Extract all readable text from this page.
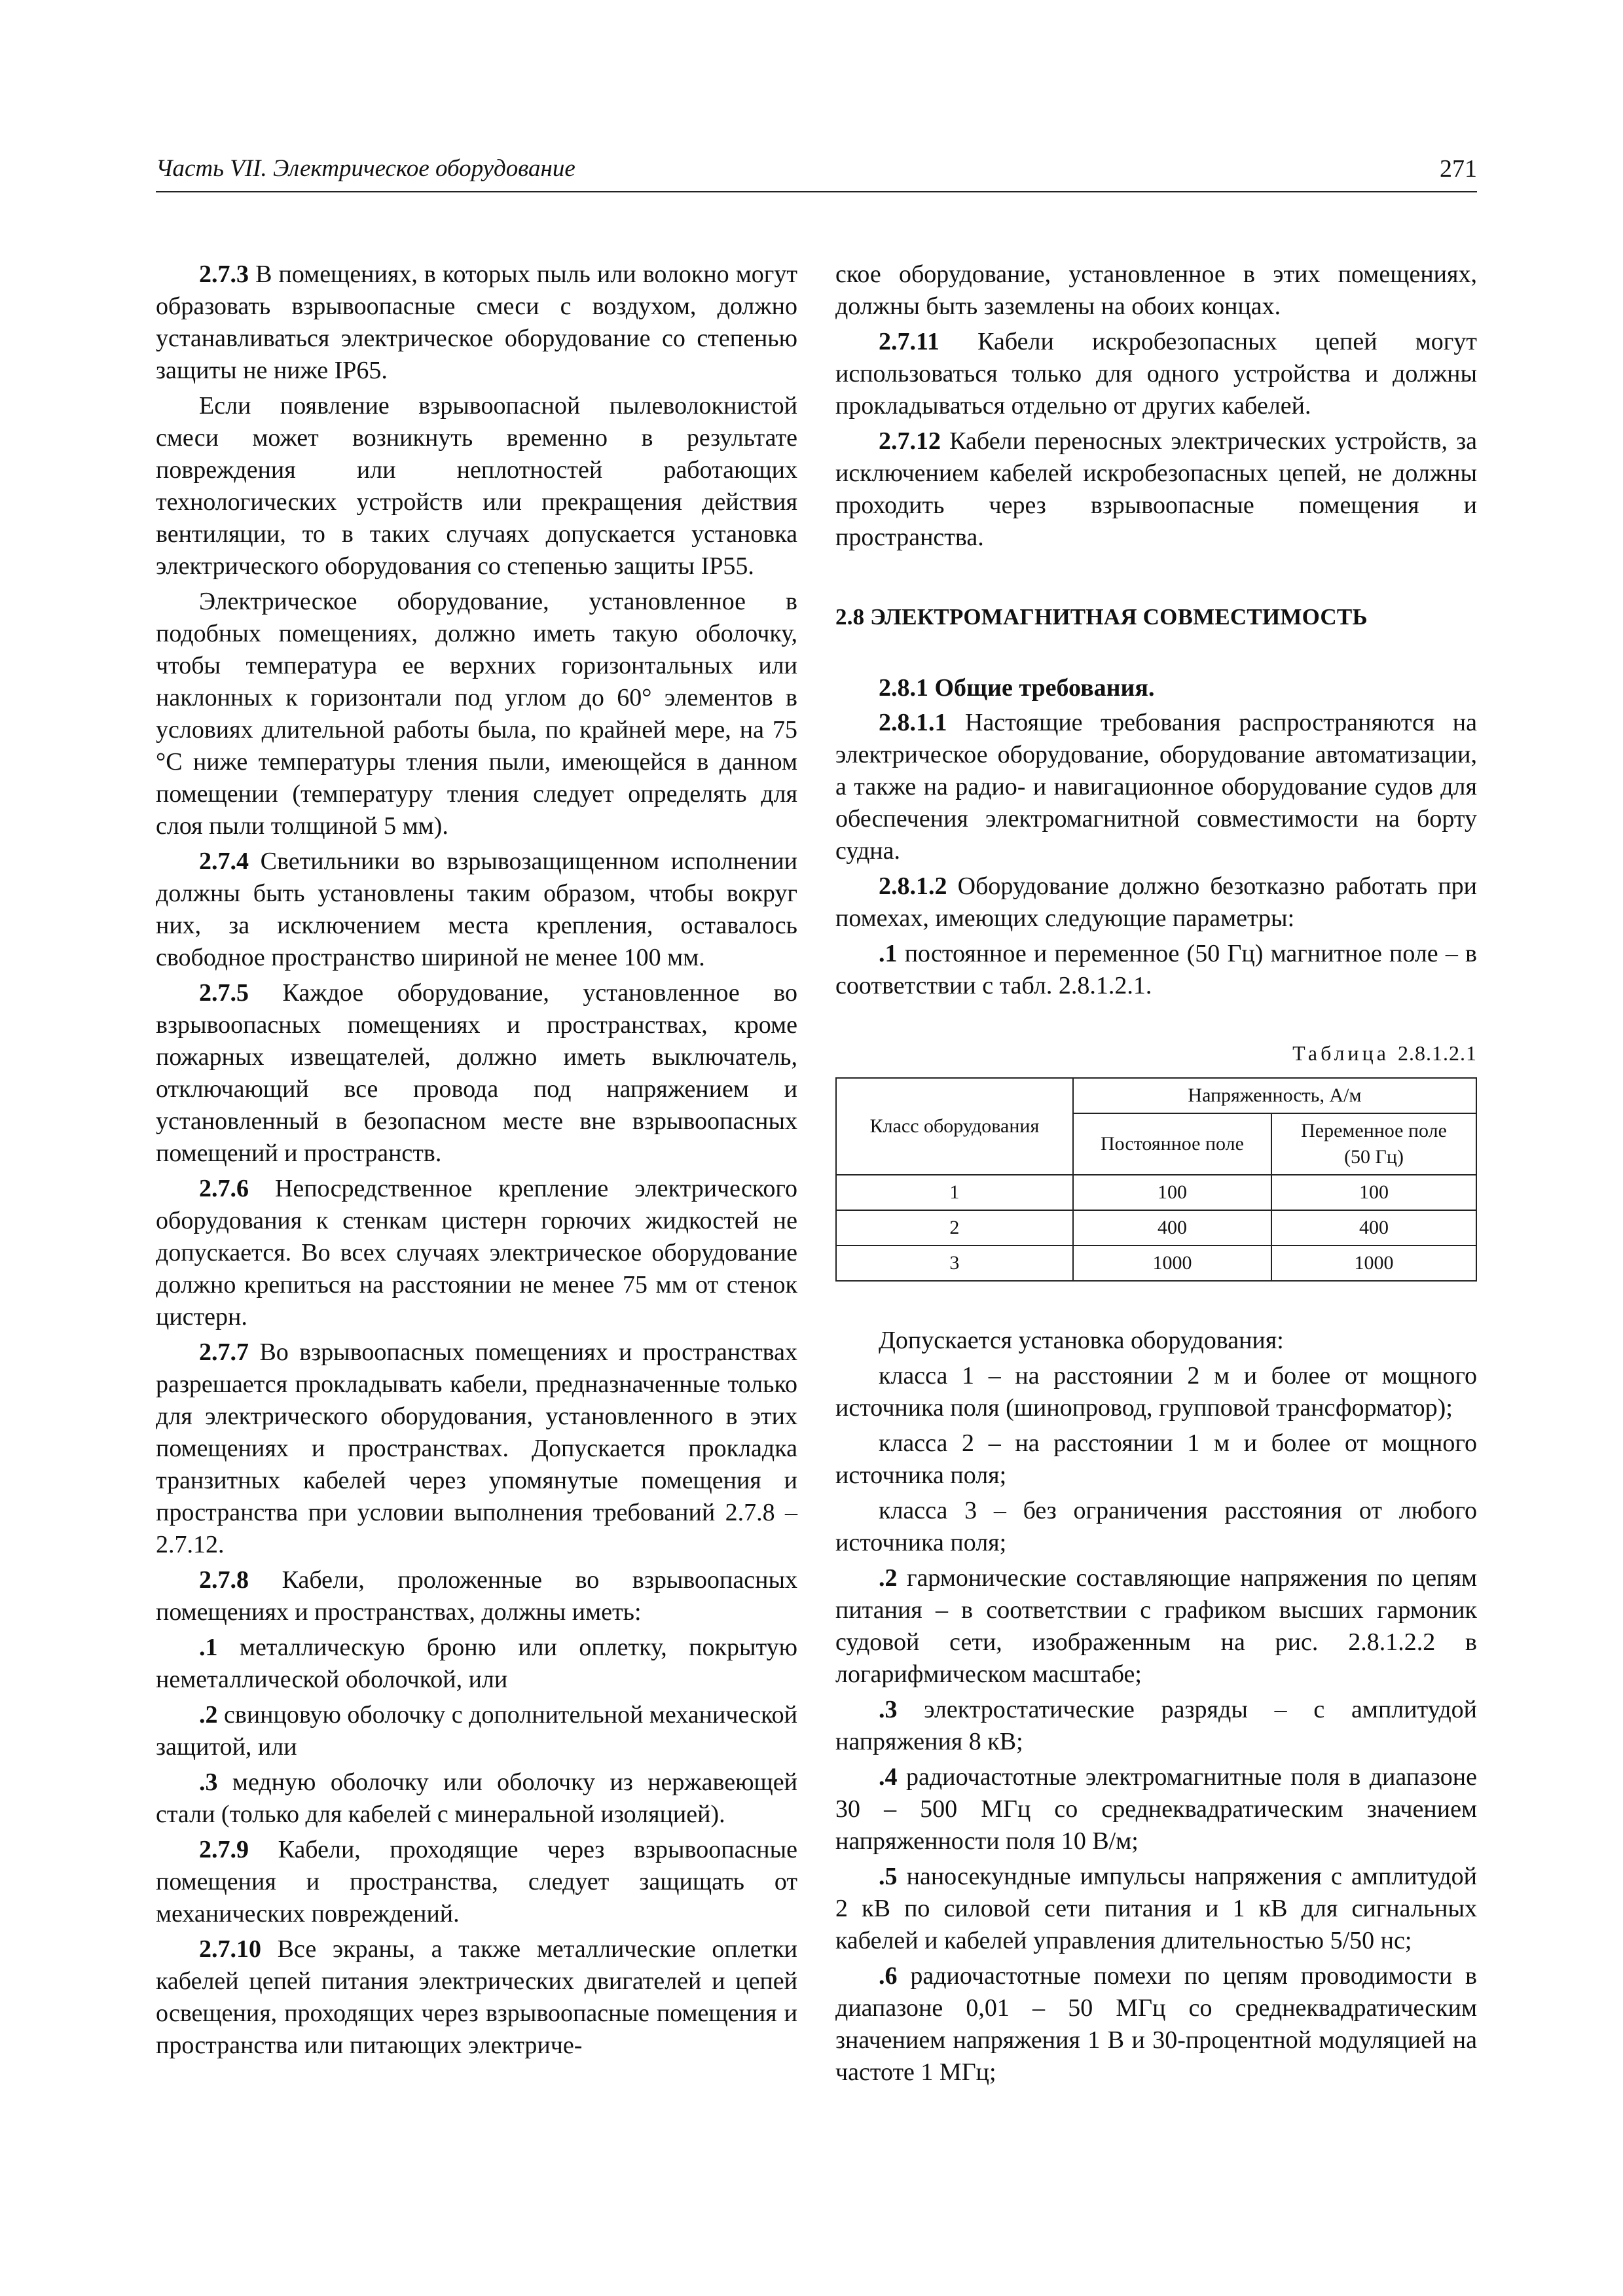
Часть VII. Электрическое оборудование	271

2.7.3 В помещениях, в которых пыль или волокно могут образовать взрывоопасные смеси с воздухом, должно устанавливаться электрическое оборудование со степенью защиты не ниже IP65.

Если появление взрывоопасной пылеволокнистой смеси может возникнуть временно в результате повреждения или неплотностей работающих технологических устройств или прекращения действия вентиляции, то в таких случаях допускается установка электрического оборудования со степенью защиты IP55.

Электрическое оборудование, установленное в подобных помещениях, должно иметь такую оболочку, чтобы температура ее верхних горизонтальных или наклонных к горизонтали под углом до 60° элементов в условиях длительной работы была, по крайней мере, на 75 °C ниже температуры тления пыли, имеющейся в данном помещении (температуру тления следует определять для слоя пыли толщиной 5 мм).

2.7.4 Светильники во взрывозащищенном исполнении должны быть установлены таким образом, чтобы вокруг них, за исключением места крепления, оставалось свободное пространство шириной не менее 100 мм.

2.7.5 Каждое оборудование, установленное во взрывоопасных помещениях и пространствах, кроме пожарных извещателей, должно иметь выключатель, отключающий все провода под напряжением и установленный в безопасном месте вне взрывоопасных помещений и пространств.

2.7.6 Непосредственное крепление электрического оборудования к стенкам цистерн горючих жидкостей не допускается. Во всех случаях электрическое оборудование должно крепиться на расстоянии не менее 75 мм от стенок цистерн.

2.7.7 Во взрывоопасных помещениях и пространствах разрешается прокладывать кабели, предназначенные только для электрического оборудования, установленного в этих помещениях и пространствах. Допускается прокладка транзитных кабелей через упомянутые помещения и пространства при условии выполнения требований 2.7.8 – 2.7.12.

2.7.8 Кабели, проложенные во взрывоопасных помещениях и пространствах, должны иметь:

.1 металлическую броню или оплетку, покрытую неметаллической оболочкой, или

.2 свинцовую оболочку с дополнительной механической защитой, или

.3 медную оболочку или оболочку из нержавеющей стали (только для кабелей с минеральной изоляцией).

2.7.9 Кабели, проходящие через взрывоопасные помещения и пространства, следует защищать от механических повреждений.

2.7.10 Все экраны, а также металлические оплетки кабелей цепей питания электрических двигателей и цепей освещения, проходящих через взрывоопасные помещения и пространства или питающих электриче-

ское оборудование, установленное в этих помещениях, должны быть заземлены на обоих концах.

2.7.11 Кабели искробезопасных цепей могут использоваться только для одного устройства и должны прокладываться отдельно от других кабелей.

2.7.12 Кабели переносных электрических устройств, за исключением кабелей искробезопасных цепей, не должны проходить через взрывоопасные помещения и пространства.

2.8 ЭЛЕКТРОМАГНИТНАЯ СОВМЕСТИМОСТЬ

2.8.1 Общие требования.

2.8.1.1 Настоящие требования распространяются на электрическое оборудование, оборудование автоматизации, а также на радио- и навигационное оборудование судов для обеспечения электромагнитной совместимости на борту судна.

2.8.1.2 Оборудование должно безотказно работать при помехах, имеющих следующие параметры:

.1 постоянное и переменное (50 Гц) магнитное поле – в соответствии с табл. 2.8.1.2.1.

Таблица 2.8.1.2.1
Класс оборудования	Напряженность, А/м	
	Постоянное поле	Переменное поле
(50 Гц)
1	100	100
2	400	400
3	1000	1000

Допускается установка оборудования:

класса 1 – на расстоянии 2 м и более от мощного источника поля (шинопровод, групповой трансформатор);

класса 2 – на расстоянии 1 м и более от мощного источника поля;

класса 3 – без ограничения расстояния от любого источника поля;

.2 гармонические составляющие напряжения по цепям питания – в соответствии с графиком высших гармоник судовой сети, изображенным на рис. 2.8.1.2.2 в логарифмическом масштабе;

.3 электростатические разряды – с амплитудой напряжения 8 кВ;

.4 радиочастотные электромагнитные поля в диапазоне 30 – 500 МГц со среднеквадратическим значением напряженности поля 10 В/м;

.5 наносекундные импульсы напряжения с амплитудой 2 кВ по силовой сети питания и 1 кВ для сигнальных кабелей и кабелей управления длительностью 5/50 нс;

.6 радиочастотные помехи по цепям проводимости в диапазоне 0,01 – 50 МГц со среднеквадратическим значением напряжения 1 В и 30-процентной модуляцией на частоте 1 МГц;
